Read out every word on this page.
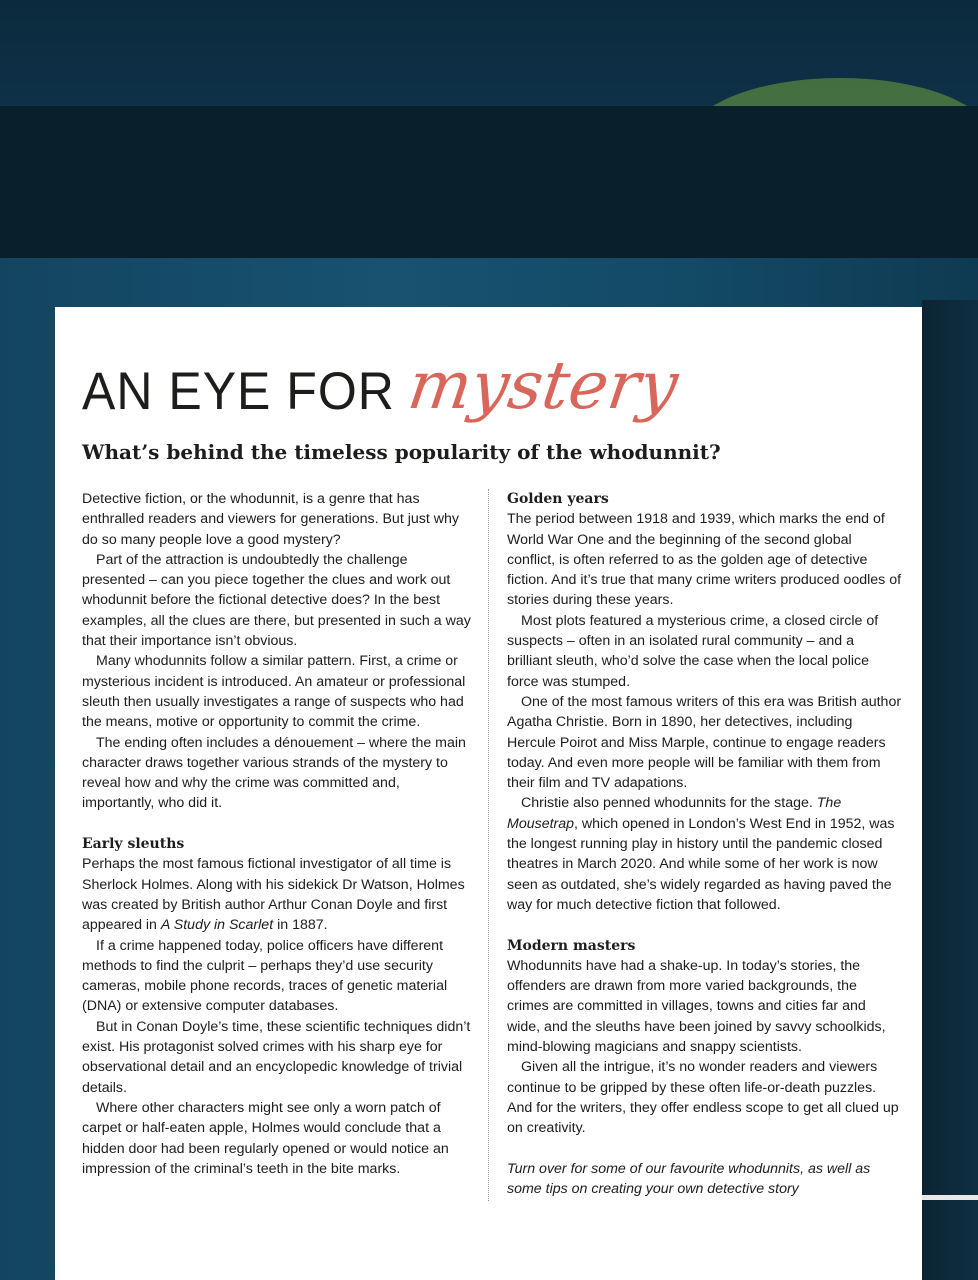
AN EYE FOR mystery
What’s behind the timeless popularity of the whodunnit?

Detective fiction, or the whodunnit, is a genre that has enthralled readers and viewers for generations. But just why do so many people love a good mystery?

Part of the attraction is undoubtedly the challenge presented – can you piece together the clues and work out whodunnit before the fictional detective does? In the best examples, all the clues are there, but presented in such a way that their importance isn’t obvious.

Many whodunnits follow a similar pattern. First, a crime or mysterious incident is introduced. An amateur or professional sleuth then usually investigates a range of suspects who had the means, motive or opportunity to commit the crime.

The ending often includes a dénouement – where the main character draws together various strands of the mystery to reveal how and why the crime was committed and, importantly, who did it.

Early sleuths

Perhaps the most famous fictional investigator of all time is Sherlock Holmes. Along with his sidekick Dr Watson, Holmes was created by British author Arthur Conan Doyle and first appeared in A Study in Scarlet in 1887.

If a crime happened today, police officers have different methods to find the culprit – perhaps they’d use security cameras, mobile phone records, traces of genetic material (DNA) or extensive computer databases.

But in Conan Doyle’s time, these scientific techniques didn’t exist. His protagonist solved crimes with his sharp eye for observational detail and an encyclopedic knowledge of trivial details.

Where other characters might see only a worn patch of carpet or half-eaten apple, Holmes would conclude that a hidden door had been regularly opened or would notice an impression of the criminal’s teeth in the bite marks.

Golden years

The period between 1918 and 1939, which marks the end of World War One and the beginning of the second global conflict, is often referred to as the golden age of detective fiction. And it’s true that many crime writers produced oodles of stories during these years.

Most plots featured a mysterious crime, a closed circle of suspects – often in an isolated rural community – and a brilliant sleuth, who’d solve the case when the local police force was stumped.

One of the most famous writers of this era was British author Agatha Christie. Born in 1890, her detectives, including Hercule Poirot and Miss Marple, continue to engage readers today. And even more people will be familiar with them from their film and TV adapations.

Christie also penned whodunnits for the stage. The Mousetrap, which opened in London’s West End in 1952, was the longest running play in history until the pandemic closed theatres in March 2020. And while some of her work is now seen as outdated, she’s widely regarded as having paved the way for much detective fiction that followed.

Modern masters

Whodunnits have had a shake-up. In today’s stories, the offenders are drawn from more varied backgrounds, the crimes are committed in villages, towns and cities far and wide, and the sleuths have been joined by savvy schoolkids, mind-blowing magicians and snappy scientists.

Given all the intrigue, it’s no wonder readers and viewers continue to be gripped by these often life-or-death puzzles. And for the writers, they offer endless scope to get all clued up on creativity.

Turn over for some of our favourite whodunnits, as well as some tips on creating your own detective story
